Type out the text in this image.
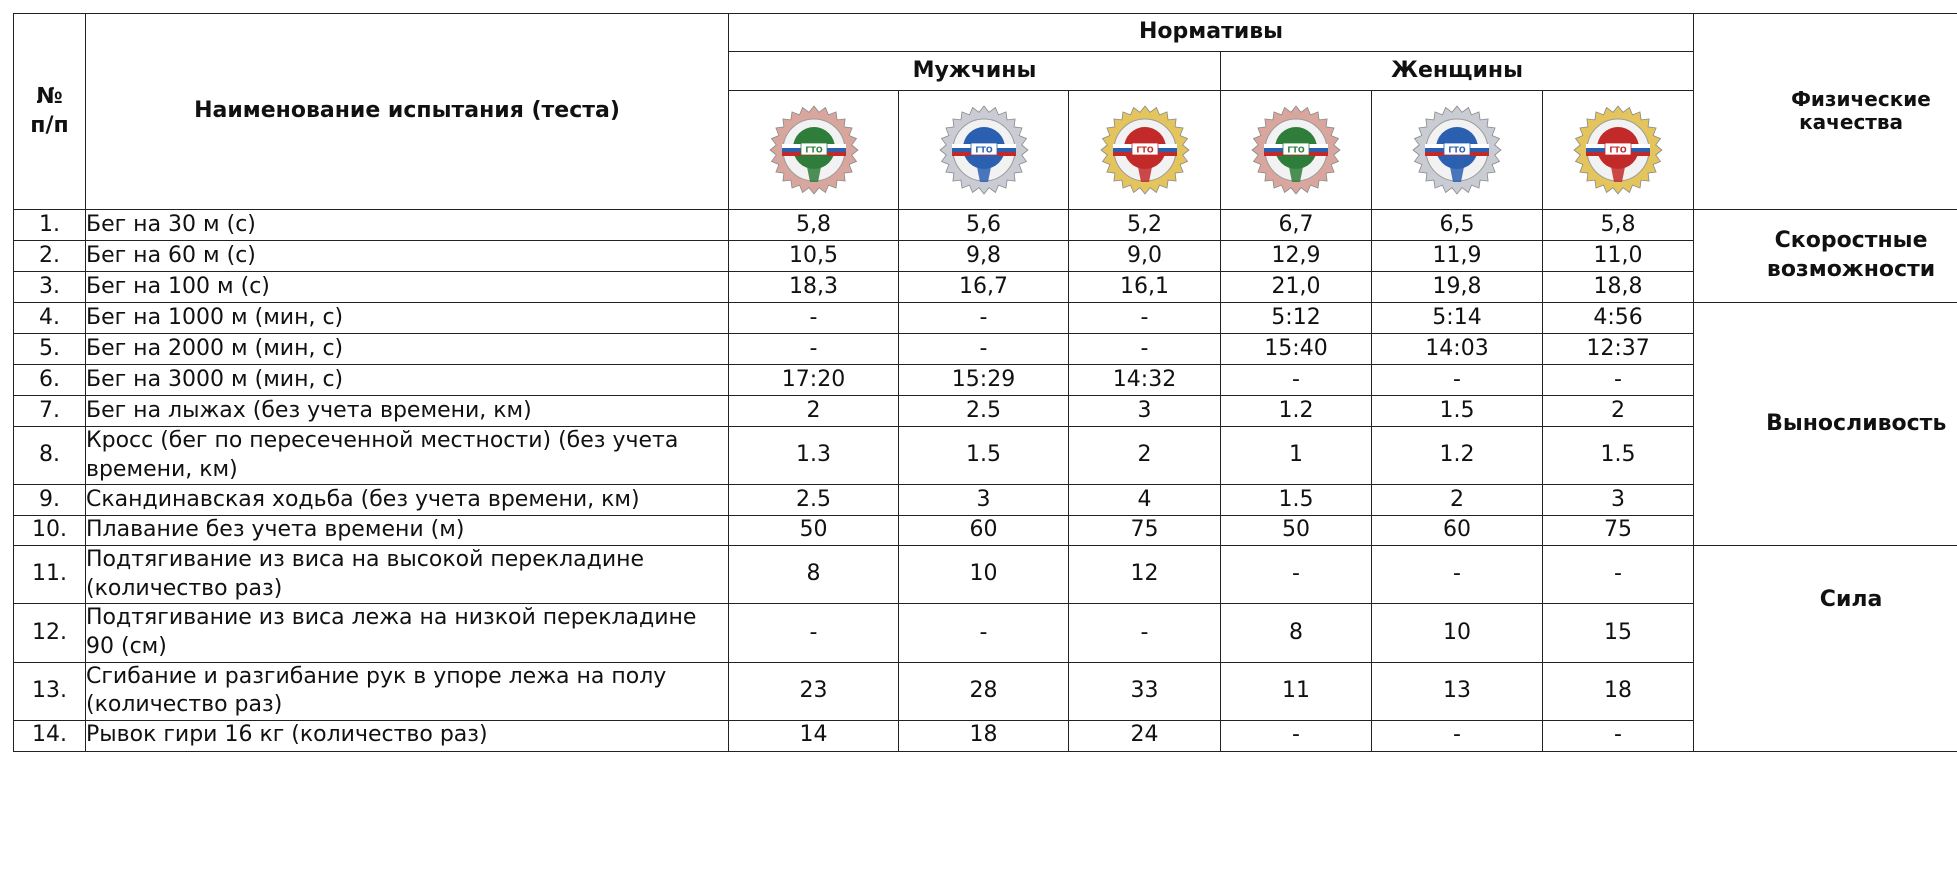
№
п/п	Наименование испытания (теста)	Нормативы						Физические качества
		Мужчины			Женщины			

ГТО	ГТО	ГТО	ГТО	ГТО	ГТО	

1.	Бег на 30 м (с)	5,8	5,6	5,2	6,7	6,5	5,8	Скоростные возможности
2.	Бег на 60 м (с)	10,5	9,8	9,0	12,9	11,9	11,0	
3.	Бег на 100 м (с)	18,3	16,7	16,1	21,0	19,8	18,8	
4.	Бег на 1000 м (мин, с)	-	-	-	5:12	5:14	4:56	Выносливость
5.	Бег на 2000 м (мин, с)	-	-	-	15:40	14:03	12:37	
6.	Бег на 3000 м (мин, с)	17:20	15:29	14:32	-	-	-	
7.	Бег на лыжах (без учета времени, км)	2	2.5	3	1.2	1.5	2	
8.	Кросс (бег по пересеченной местности) (без учета времени, км)	1.3	1.5	2	1	1.2	1.5	
9.	Скандинавская ходьба (без учета времени, км)	2.5	3	4	1.5	2	3	
10.	Плавание без учета времени (м)	50	60	75	50	60	75	
11.	Подтягивание из виса на высокой перекладине (количество раз)	8	10	12	-	-	-	Сила
12.	Подтягивание из виса лежа на низкой перекладине 90 (см)	-	-	-	8	10	15	
13.	Сгибание и разгибание рук в упоре лежа на полу (количество раз)	23	28	33	11	13	18	
14.	Рывок гири 16 кг (количество раз)	14	18	24	-	-	-	
